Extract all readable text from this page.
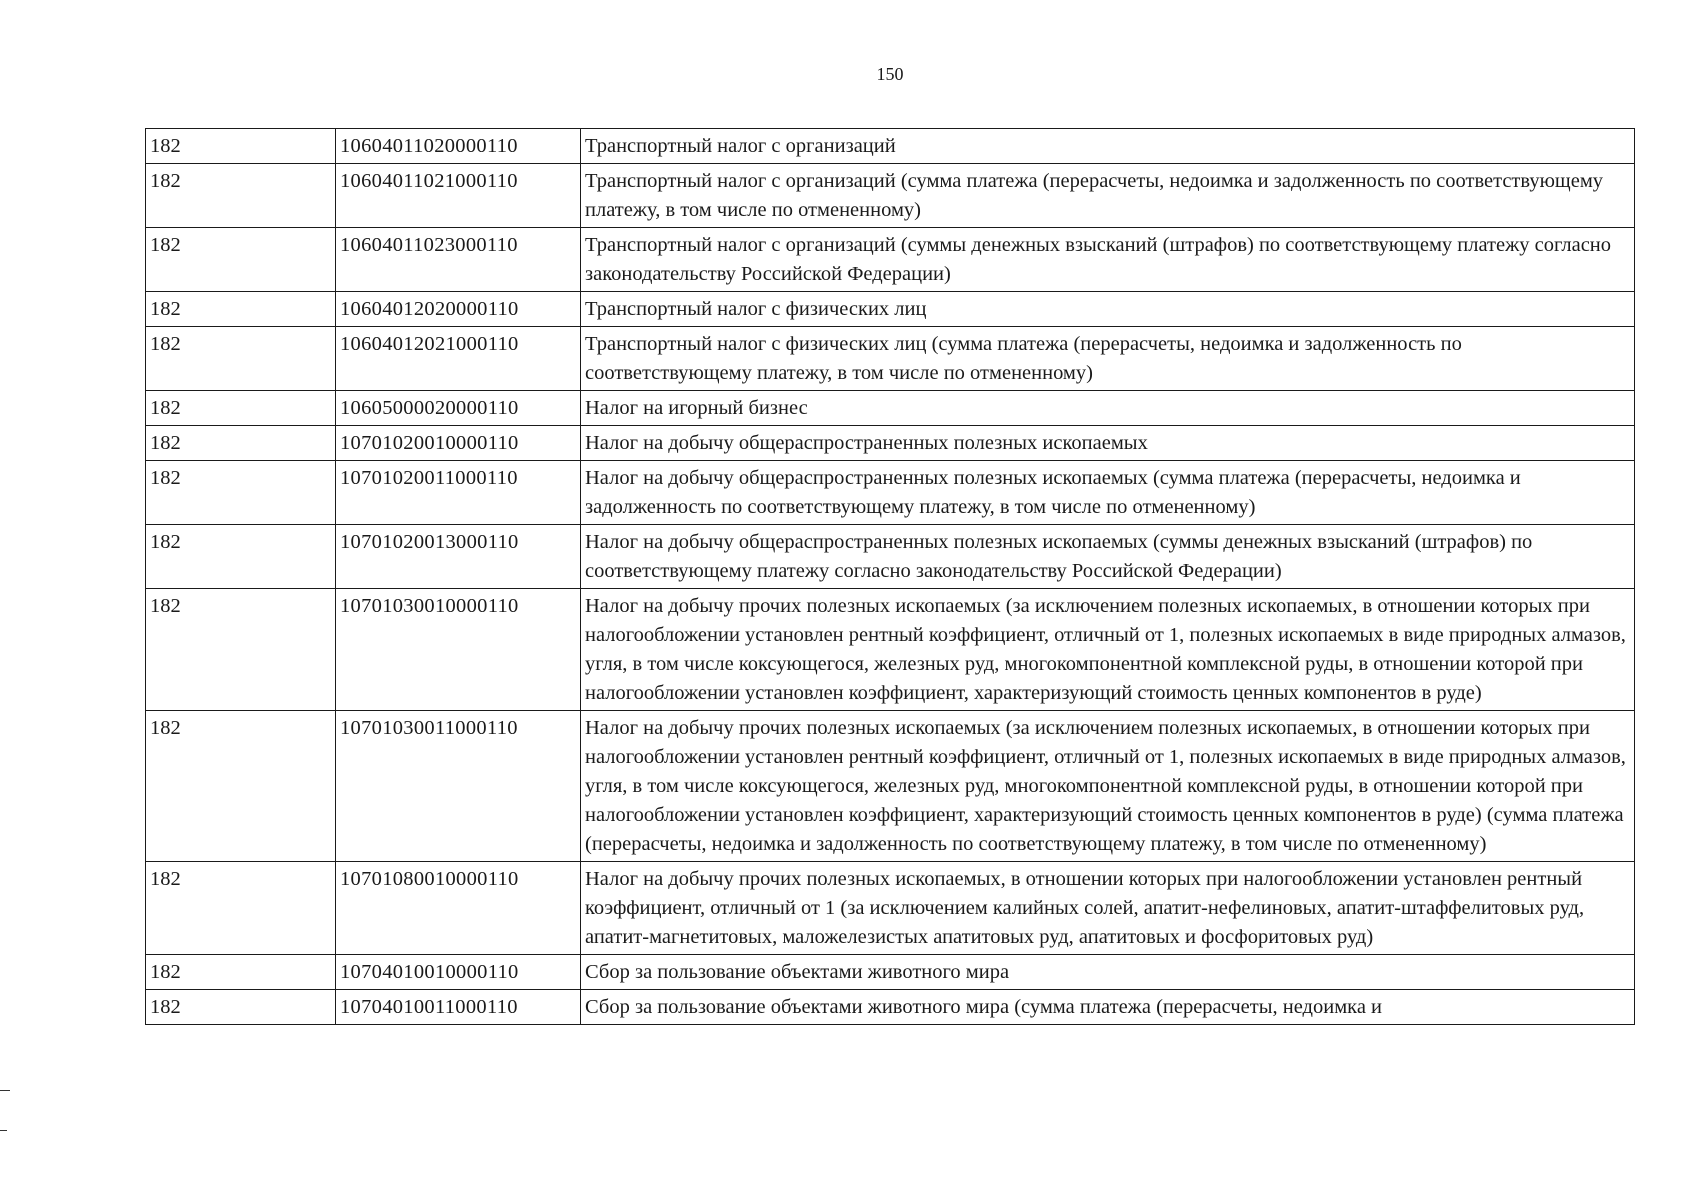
150
182	10604011020000110	Транспортный налог с организаций
182	10604011021000110	Транспортный налог с организаций (сумма платежа (перерасчеты, недоимка и задолженность по соответствующему платежу, в том числе по отмененному)
182	10604011023000110	Транспортный налог с организаций (суммы денежных взысканий (штрафов) по соответствующему платежу согласно законодательству Российской Федерации)
182	10604012020000110	Транспортный налог с физических лиц
182	10604012021000110	Транспортный налог с физических лиц (сумма платежа (перерасчеты, недоимка и задолженность по соответствующему платежу, в том числе по отмененному)
182	10605000020000110	Налог на игорный бизнес
182	10701020010000110	Налог на добычу общераспространенных полезных ископаемых
182	10701020011000110	Налог на добычу общераспространенных полезных ископаемых (сумма платежа (перерасчеты, недоимка и задолженность по соответствующему платежу, в том числе по отмененному)
182	10701020013000110	Налог на добычу общераспространенных полезных ископаемых (суммы денежных взысканий (штрафов) по соответствующему платежу согласно законодательству Российской Федерации)
182	10701030010000110	Налог на добычу прочих полезных ископаемых (за исключением полезных ископаемых, в отношении которых при налогообложении установлен рентный коэффициент, отличный от 1, полезных ископаемых в виде природных алмазов, угля, в том числе коксующегося, железных руд, многокомпонентной комплексной руды, в отношении которой при налогообложении установлен коэффициент, характеризующий стоимость ценных компонентов в руде)
182	10701030011000110	Налог на добычу прочих полезных ископаемых (за исключением полезных ископаемых, в отношении которых при налогообложении установлен рентный коэффициент, отличный от 1, полезных ископаемых в виде природных алмазов, угля, в том числе коксующегося, железных руд, многокомпонентной комплексной руды, в отношении которой при налогообложении установлен коэффициент, характеризующий стоимость ценных компонентов в руде) (сумма платежа (перерасчеты, недоимка и задолженность по соответствующему платежу, в том числе по отмененному)
182	10701080010000110	Налог на добычу прочих полезных ископаемых, в отношении которых при налогообложении установлен рентный коэффициент, отличный от 1 (за исключением калийных солей, апатит-нефелиновых, апатит-штаффелитовых руд, апатит-магнетитовых, маложелезистых апатитовых руд, апатитовых и фосфоритовых руд)
182	10704010010000110	Сбор за пользование объектами животного мира
182	10704010011000110	Сбор за пользование объектами животного мира (сумма платежа (перерасчеты, недоимка и
